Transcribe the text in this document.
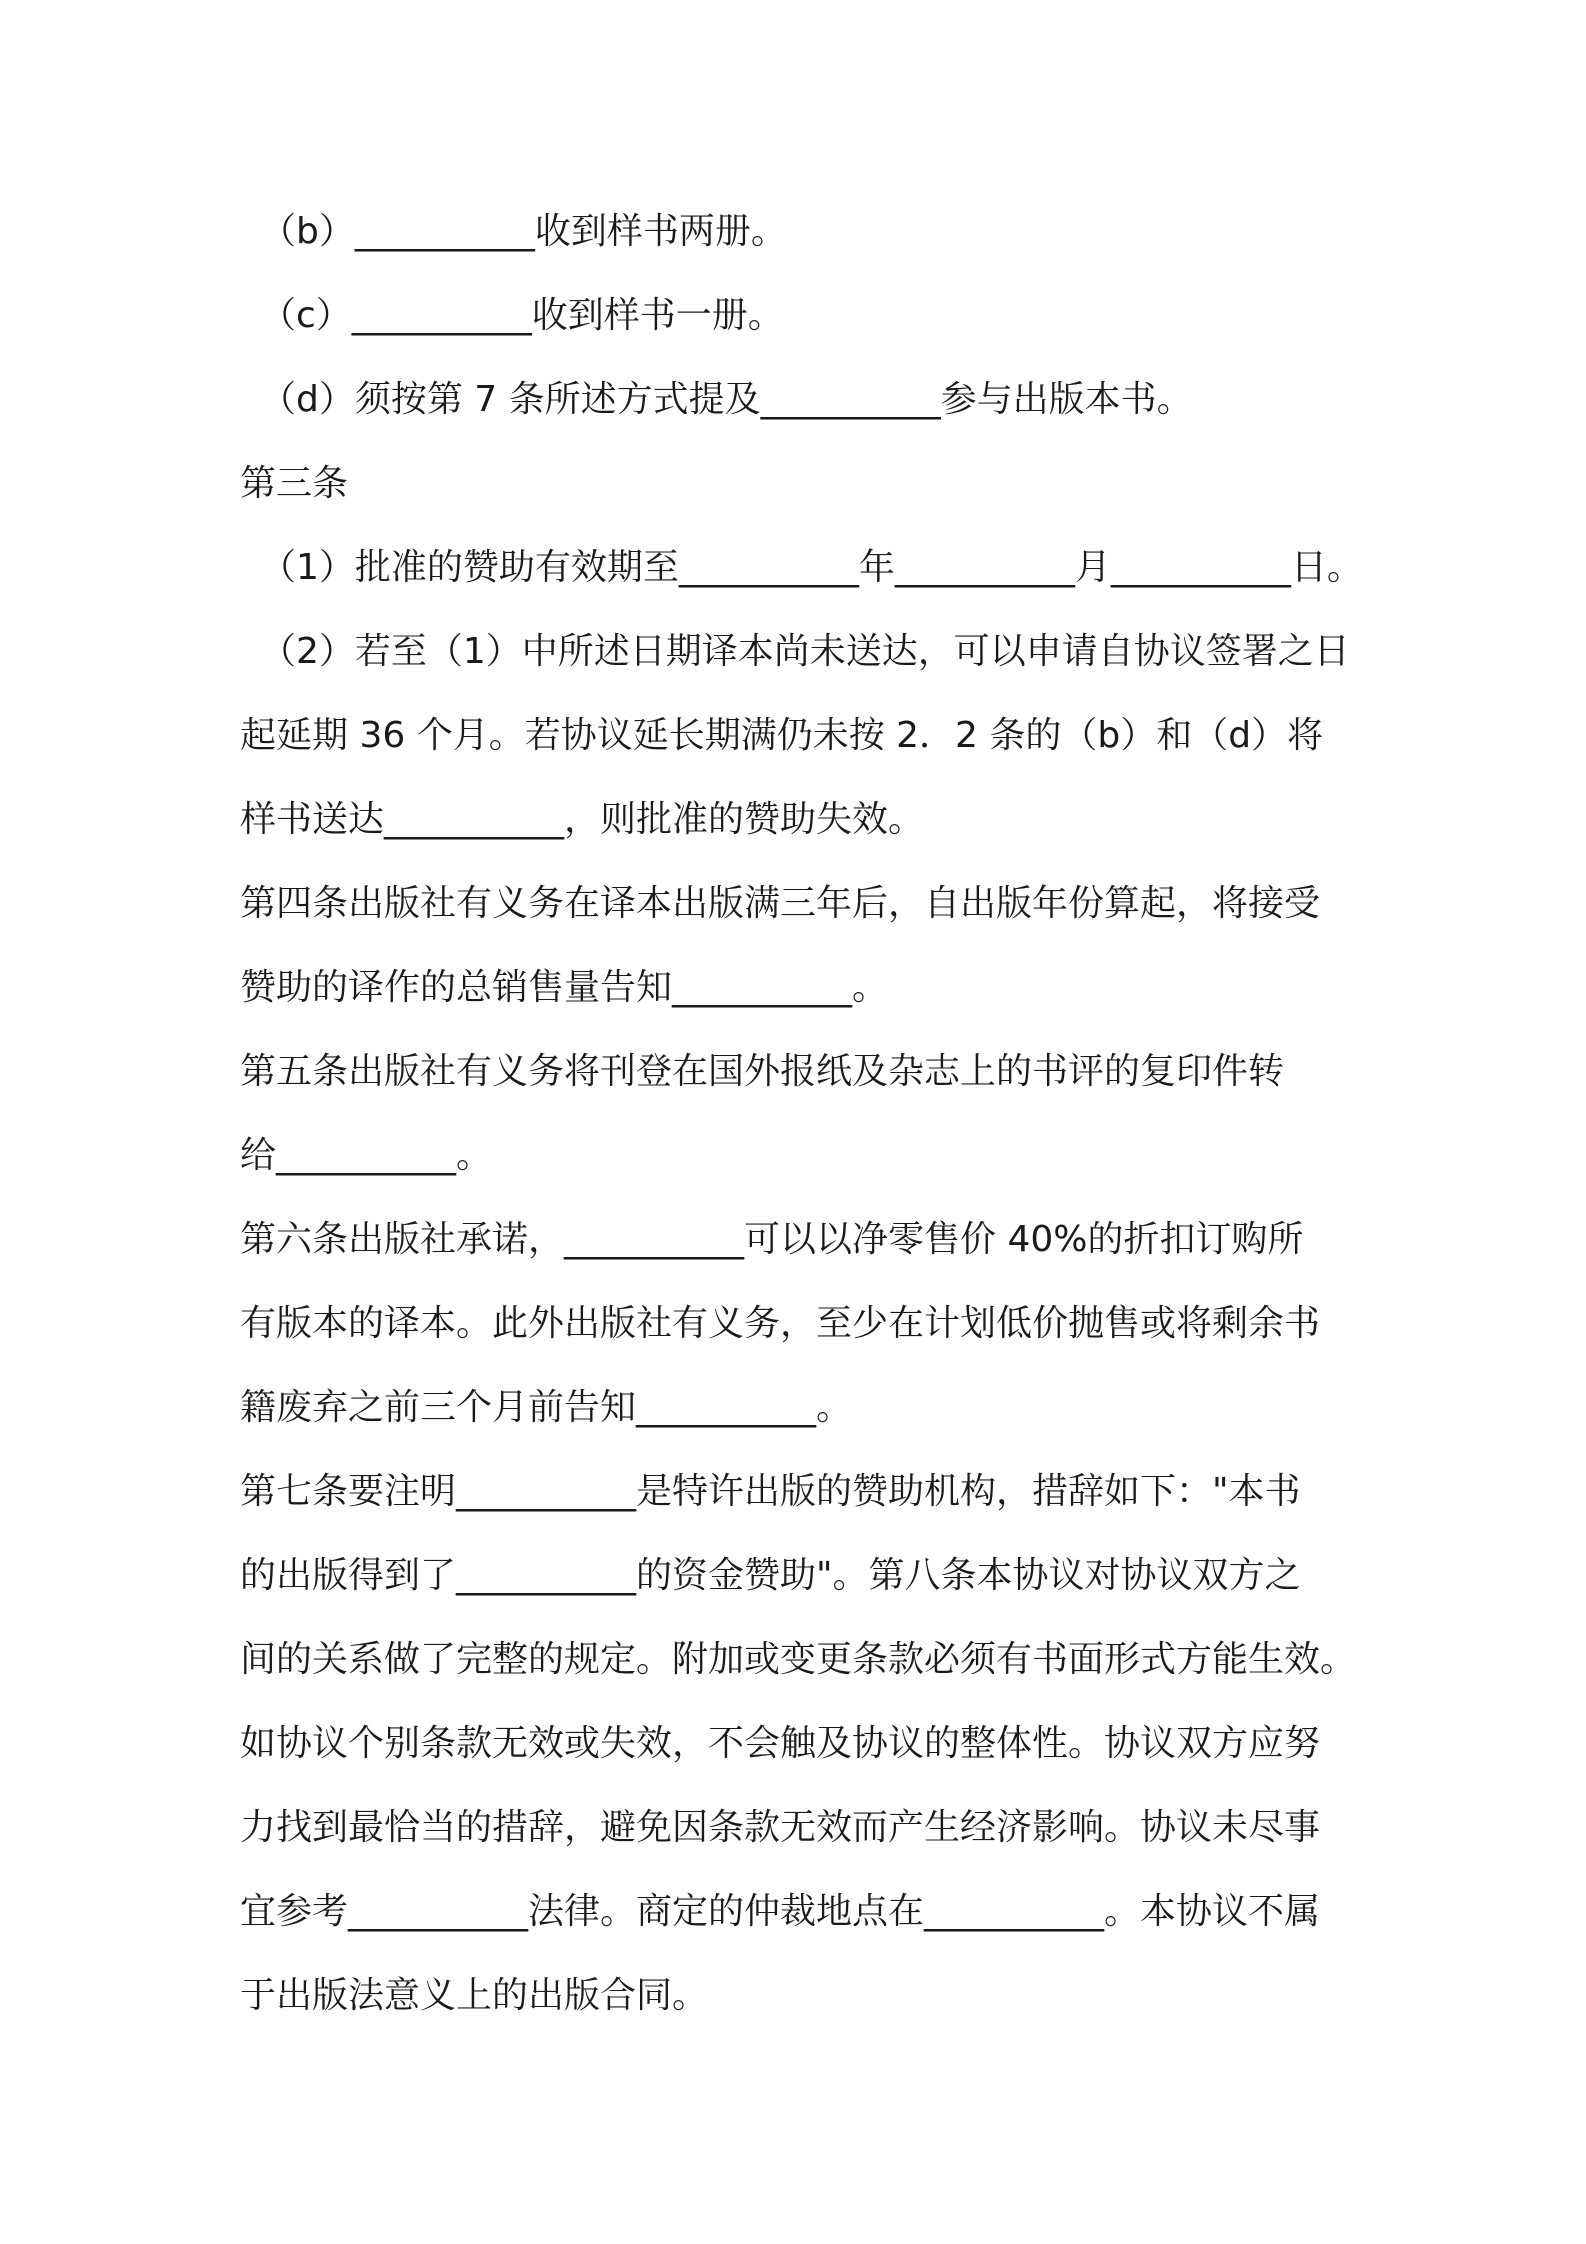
（b）__________收到样书两册。
（c）__________收到样书一册。
（d）须按第 7 条所述方式提及__________参与出版本书。
第三条
（1）批准的赞助有效期至__________年__________月__________日。
（2）若至（1）中所述日期译本尚未送达，可以申请自协议签署之日
起延期 36 个月。若协议延长期满仍未按 2．2 条的（b）和（d）将
样书送达__________，则批准的赞助失效。
第四条出版社有义务在译本出版满三年后，自出版年份算起，将接受
赞助的译作的总销售量告知__________。
第五条出版社有义务将刊登在国外报纸及杂志上的书评的复印件转
给__________。
第六条出版社承诺，__________可以以净零售价 40%的折扣订购所
有版本的译本。此外出版社有义务，至少在计划低价抛售或将剩余书
籍废弃之前三个月前告知__________。
第七条要注明__________是特许出版的赞助机构，措辞如下："本书
的出版得到了__________的资金赞助"。第八条本协议对协议双方之
间的关系做了完整的规定。附加或变更条款必须有书面形式方能生效。
如协议个别条款无效或失效，不会触及协议的整体性。协议双方应努
力找到最恰当的措辞，避免因条款无效而产生经济影响。协议未尽事
宜参考__________法律。商定的仲裁地点在__________。本协议不属
于出版法意义上的出版合同。
